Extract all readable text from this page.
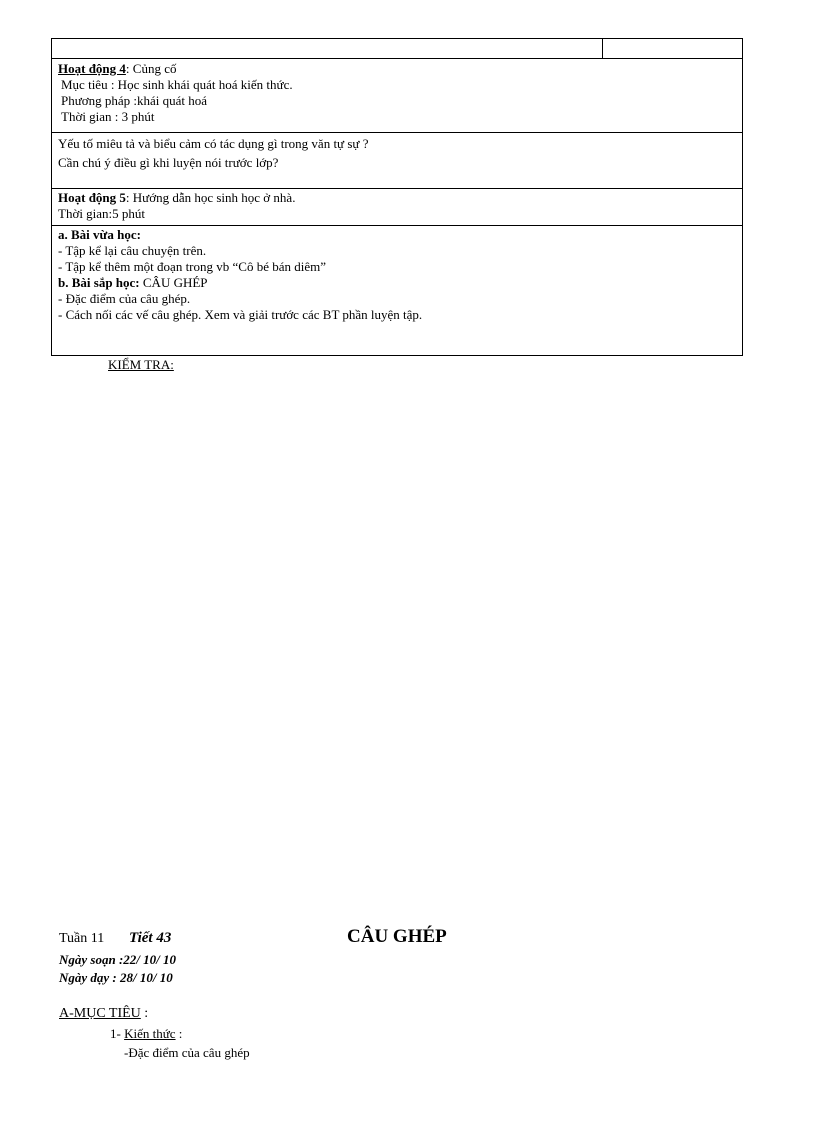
Hoạt động 4: Củng cố
Mục tiêu : Học sinh khái quát hoá kiến thức.
Phương pháp :khái quát hoá
Thời gian : 3 phút
Yếu tố miêu tả và biểu cảm có tác dụng gì trong văn tự sự ?
Cần chú ý điều gì khi luyện nói trước lớp?
Hoạt động 5: Hướng dẫn học sinh học ở nhà.
Thời gian:5 phút
a. Bài vừa học:
- Tập kể lại câu chuyện trên.
- Tập kể thêm một đoạn trong vb “Cô bé bán diêm”
b. Bài sắp học: CÂU GHÉP
- Đặc điểm của câu ghép.
- Cách nối các vế câu ghép. Xem và giải trước các BT phần luyện tập.
KIỂM TRA:
Tuần 11 Tiết 43	CÂU GHÉP
Ngày soạn :22/ 10/ 10
Ngày dạy : 28/ 10/ 10
A-MỤC TIÊU :
1- Kiến thức :
-Đặc điểm của câu ghép
